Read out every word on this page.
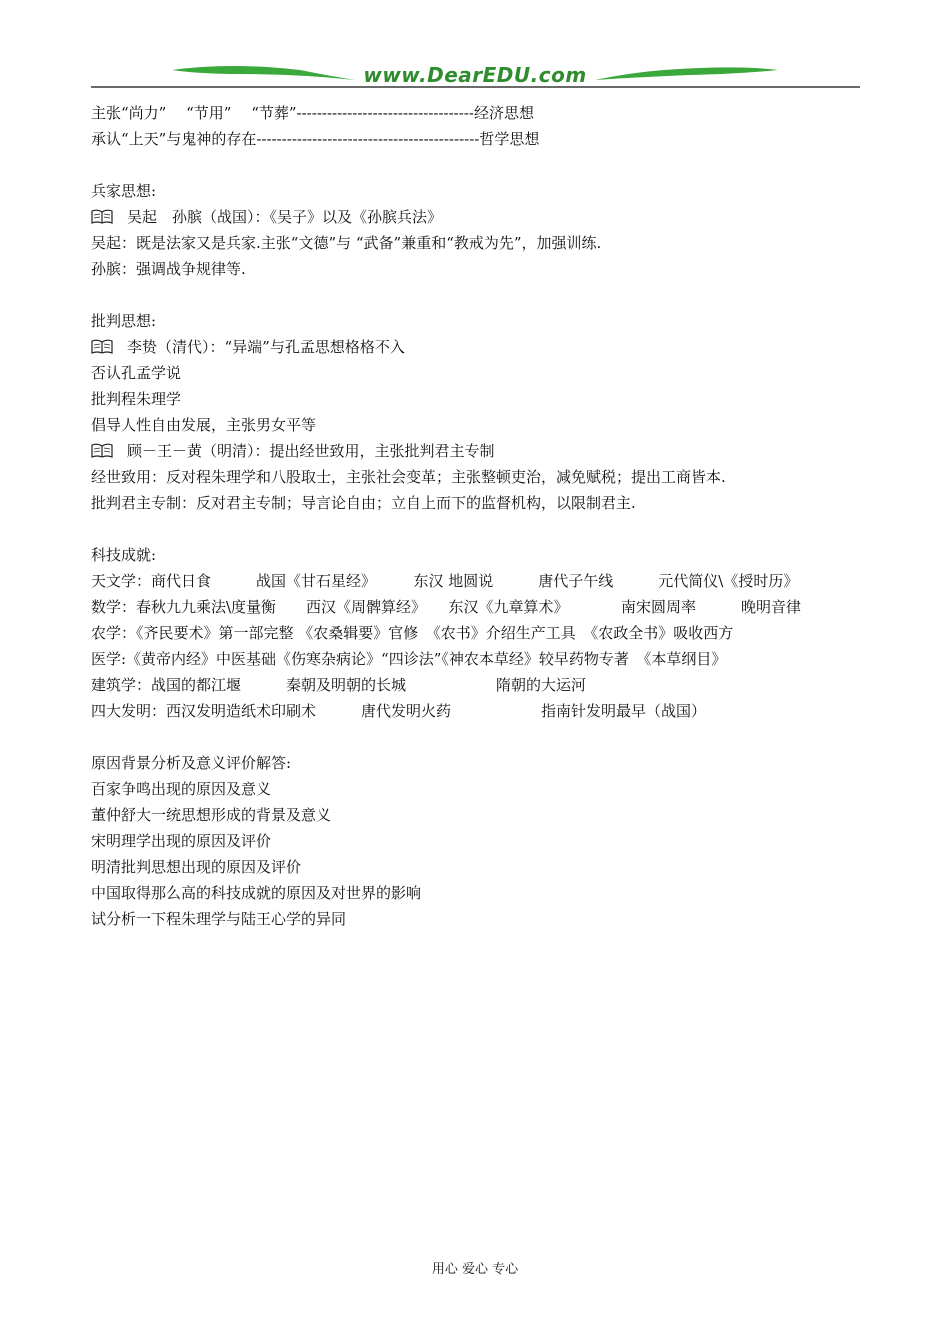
www.DearEDU.com
主张“尚力”　 “节用”　 “节葬”-----------------------------------经济思想
承认“上天”与鬼神的存在--------------------------------------------哲学思想
兵家思想:
吴起　孙膑（战国）：《吴子》以及《孙膑兵法》
吴起：既是法家又是兵家.主张“文德”与 “武备”兼重和“教戒为先”，加强训练.
孙膑：强调战争规律等.
批判思想:
李贽（清代）：“异端”与孔孟思想格格不入
否认孔孟学说
批判程朱理学
倡导人性自由发展，主张男女平等
顾－王－黄（明清）：提出经世致用，主张批判君主专制
经世致用：反对程朱理学和八股取士，主张社会变革；主张整顿吏治，减免赋税；提出工商皆本.
批判君主专制：反对君主专制；导言论自由；立自上而下的监督机构，以限制君主.
科技成就:
天文学：商代日食　　　战国《甘石星经》　　　东汉 地圆说　　　唐代子午线　　　元代简仪\《授时历》
数学：春秋九九乘法\度量衡　　西汉《周髀算经》　　东汉《九章算术》　　　　南宋圆周率　　　晚明音律
农学：《齐民要术》第一部完整 《农桑辑要》官修　《农书》介绍生产工具　《农政全书》吸收西方
医学:《黄帝内经》中医基础《伤寒杂病论》“四诊法”《神农本草经》较早药物专著　《本草纲目》
建筑学：战国的都江堰　　　秦朝及明朝的长城　　　　　　隋朝的大运河
四大发明：西汉发明造纸术印刷术　　　唐代发明火药　　　　　　指南针发明最早（战国）
原因背景分析及意义评价解答:
百家争鸣出现的原因及意义
董仲舒大一统思想形成的背景及意义
宋明理学出现的原因及评价
明清批判思想出现的原因及评价
中国取得那么高的科技成就的原因及对世界的影响
试分析一下程朱理学与陆王心学的异同
用心 爱心 专心
